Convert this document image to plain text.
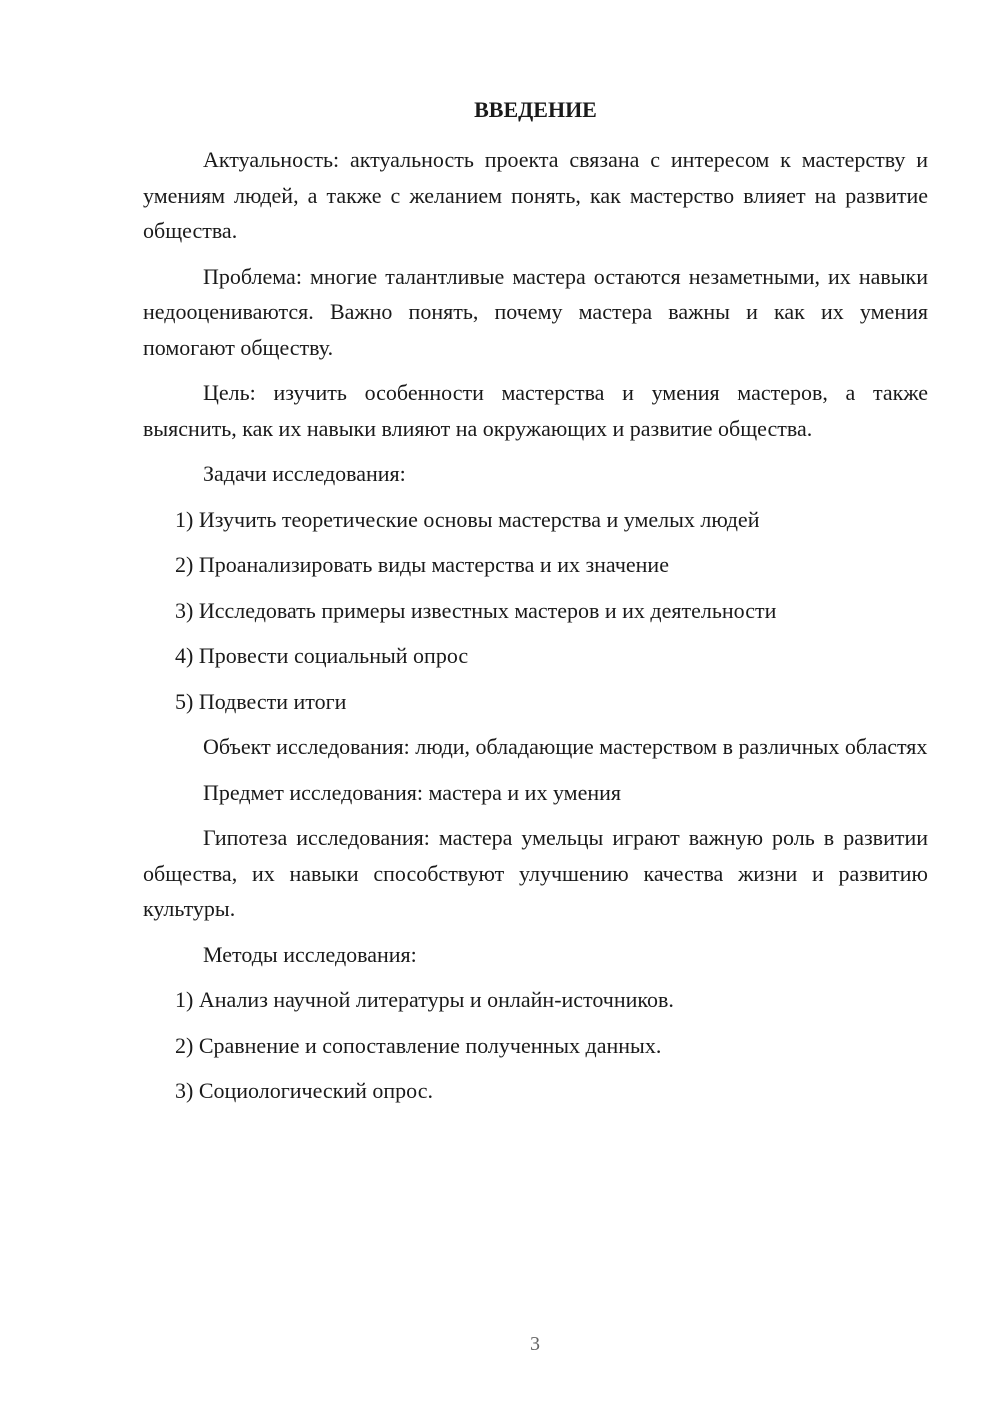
ВВЕДЕНИЕ

Актуальность: актуальность проекта связана с интересом к мастерству и умениям людей, а также с желанием понять, как мастерство влияет на развитие общества.

Проблема: многие талантливые мастера остаются незаметными, их навыки недооцениваются. Важно понять, почему мастера важны и как их умения помогают обществу.

Цель: изучить особенности мастерства и умения мастеров, а также выяснить, как их навыки влияют на окружающих и развитие общества.

Задачи исследования:

1) Изучить теоретические основы мастерства и умелых людей

2) Проанализировать виды мастерства и их значение

3) Исследовать примеры известных мастеров и их деятельности

4) Провести социальный опрос

5) Подвести итоги

Объект исследования: люди, обладающие мастерством в различных областях

Предмет исследования: мастера и их умения

Гипотеза исследования: мастера умельцы играют важную роль в развитии общества, их навыки способствуют улучшению качества жизни и развитию культуры.

Методы исследования:

1) Анализ научной литературы и онлайн-источников.

2) Сравнение и сопоставление полученных данных.

3) Социологический опрос.

3
